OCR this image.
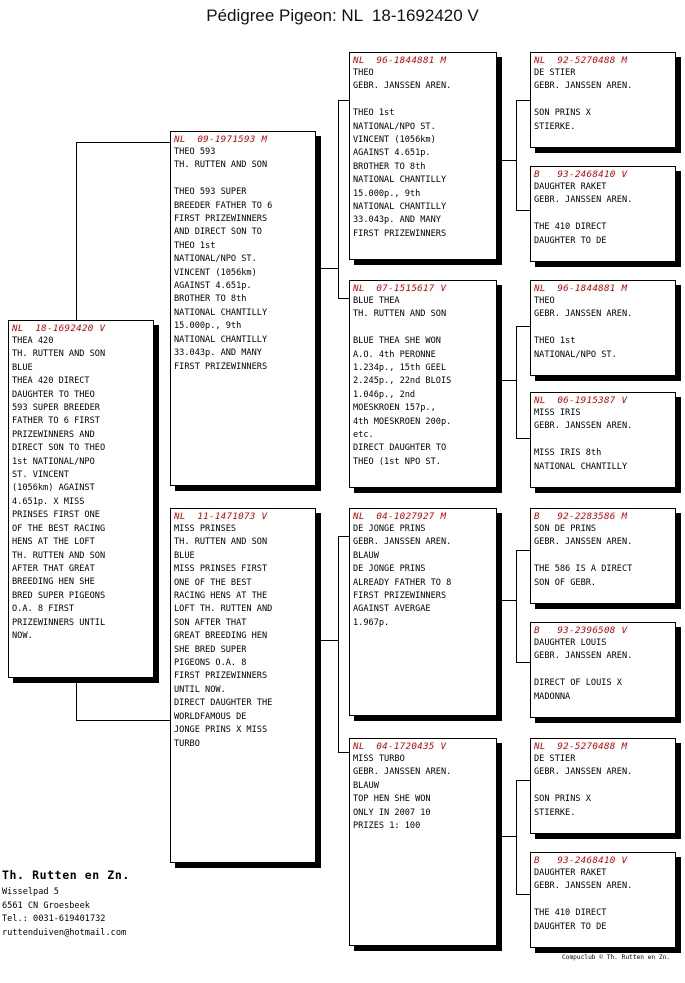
Pédigree Pigeon: NL  18-1692420 V
NL  18-1692420 V
THEA 420
TH. RUTTEN AND SON
BLUE
THEA 420 DIRECT
DAUGHTER TO THEO
593 SUPER BREEDER
FATHER TO 6 FIRST
PRIZEWINNERS AND
DIRECT SON TO THEO
1st NATIONAL/NPO
ST. VINCENT
(1056km) AGAINST
4.651p. X MISS
PRINSES FIRST ONE
OF THE BEST RACING
HENS AT THE LOFT
TH. RUTTEN AND SON
AFTER THAT GREAT
BREEDING HEN SHE
BRED SUPER PIGEONS
O.A. 8 FIRST
PRIZEWINNERS UNTIL
NOW.
NL  09-1971593 M
THEO 593
TH. RUTTEN AND SON

THEO 593 SUPER
BREEDER FATHER TO 6
FIRST PRIZEWINNERS
AND DIRECT SON TO
THEO 1st
NATIONAL/NPO ST.
VINCENT (1056km)
AGAINST 4.651p.
BROTHER TO 8th
NATIONAL CHANTILLY
15.000p., 9th
NATIONAL CHANTILLY
33.043p. AND MANY
FIRST PRIZEWINNERS
NL  11-1471073 V
MISS PRINSES
TH. RUTTEN AND SON
BLUE
MISS PRINSES FIRST
ONE OF THE BEST
RACING HENS AT THE
LOFT TH. RUTTEN AND
SON AFTER THAT
GREAT BREEDING HEN
SHE BRED SUPER
PIGEONS O.A. 8
FIRST PRIZEWINNERS
UNTIL NOW.
DIRECT DAUGHTER THE
WORLDFAMOUS DE
JONGE PRINS X MISS
TURBO
NL  96-1844881 M
THEO
GEBR. JANSSEN AREN.

THEO 1st
NATIONAL/NPO ST.
VINCENT (1056km)
AGAINST 4.651p.
BROTHER TO 8th
NATIONAL CHANTILLY
15.000p., 9th
NATIONAL CHANTILLY
33.043p. AND MANY
FIRST PRIZEWINNERS
NL  07-1515617 V
BLUE THEA
TH. RUTTEN AND SON

BLUE THEA SHE WON
A.O. 4th PERONNE
1.234p., 15th GEEL
2.245p., 22nd BLOIS
1.046p., 2nd
MOESKROEN 157p.,
4th MOESKROEN 200p.
etc.
DIRECT DAUGHTER TO
THEO (1st NPO ST.
NL  04-1027927 M
DE JONGE PRINS
GEBR. JANSSEN AREN.
BLAUW
DE JONGE PRINS
ALREADY FATHER TO 8
FIRST PRIZEWINNERS
AGAINST AVERGAE
1.967p.
NL  04-1720435 V
MISS TURBO
GEBR. JANSSEN AREN.
BLAUW
TOP HEN SHE WON
ONLY IN 2007 10
PRIZES 1: 100
NL  92-5270488 M
DE STIER
GEBR. JANSSEN AREN.

SON PRINS X
STIERKE.
B   93-2468410 V
DAUGHTER RAKET
GEBR. JANSSEN AREN.

THE 410 DIRECT
DAUGHTER TO DE
NL  96-1844881 M
THEO
GEBR. JANSSEN AREN.

THEO 1st
NATIONAL/NPO ST.
NL  06-1915387 V
MISS IRIS
GEBR. JANSSEN AREN.

MISS IRIS 8th
NATIONAL CHANTILLY
B   92-2283586 M
SON DE PRINS
GEBR. JANSSEN AREN.

THE 586 IS A DIRECT
SON OF GEBR.
B   93-2396508 V
DAUGHTER LOUIS
GEBR. JANSSEN AREN.

DIRECT OF LOUIS X
MADONNA
NL  92-5270488 M
DE STIER
GEBR. JANSSEN AREN.

SON PRINS X
STIERKE.
B   93-2468410 V
DAUGHTER RAKET
GEBR. JANSSEN AREN.

THE 410 DIRECT
DAUGHTER TO DE
Th. Rutten en Zn.
Wisselpad 5
6561 CN Groesbeek
Tel.: 0031-619401732
ruttenduiven@hotmail.com
Compuclub © Th. Rutten en Zn.
